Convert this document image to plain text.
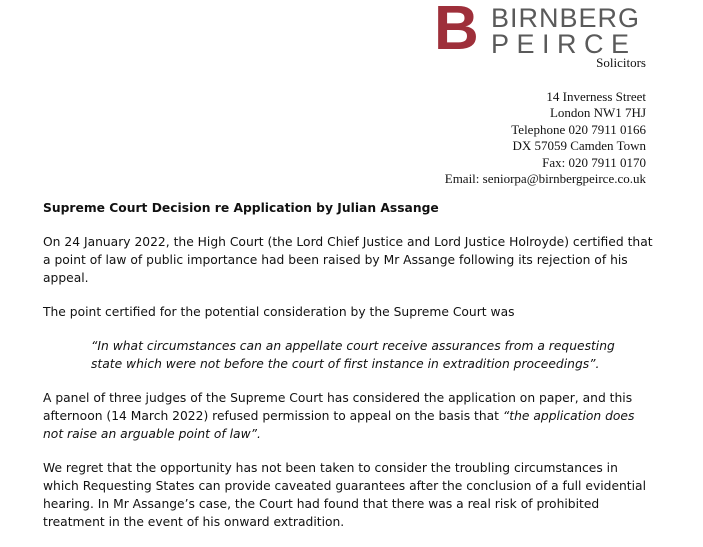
B BIRNBERG
PEIRCE
Solicitors
14 Inverness Street
London NW1 7HJ
Telephone 020 7911 0166
DX 57059 Camden Town
Fax: 020 7911 0170
Email: seniorpa@birnbergpeirce.co.uk

Supreme Court Decision re Application by Julian Assange

On 24 January 2022, the High Court (the Lord Chief Justice and Lord Justice Holroyde) certified that a point of law of public importance had been raised by Mr Assange following its rejection of his appeal.

The point certified for the potential consideration by the Supreme Court was

“In what circumstances can an appellate court receive assurances from a requesting state which were not before the court of first instance in extradition proceedings”.

A panel of three judges of the Supreme Court has considered the application on paper, and this afternoon (14 March 2022) refused permission to appeal on the basis that “the application does not raise an arguable point of law”.

We regret that the opportunity has not been taken to consider the troubling circumstances in which Requesting States can provide caveated guarantees after the conclusion of a full evidential hearing. In Mr Assange’s case, the Court had found that there was a real risk of prohibited treatment in the event of his onward extradition.
